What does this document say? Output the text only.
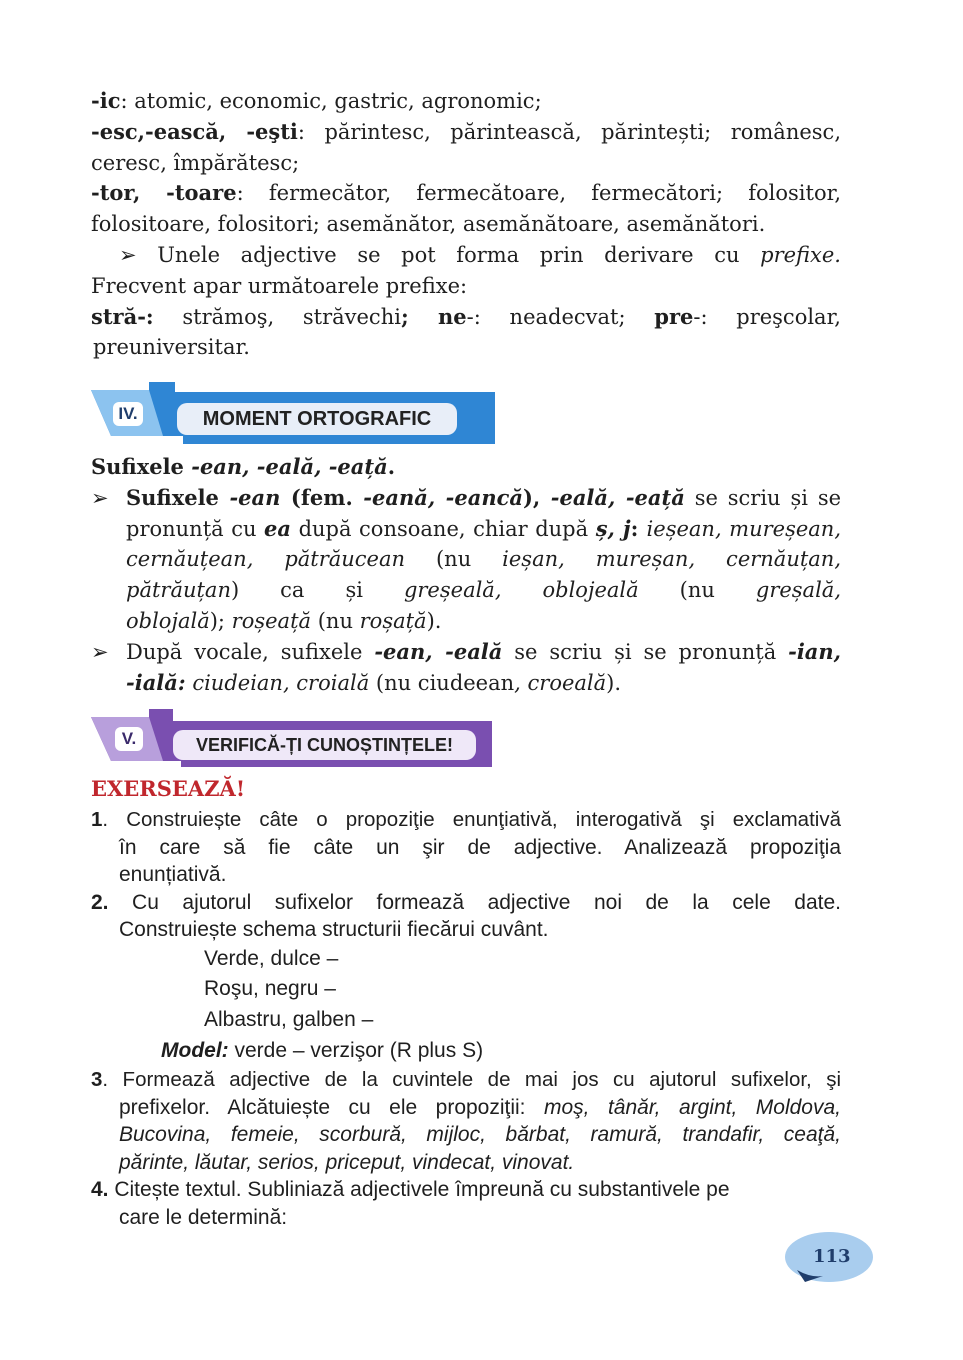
-ic: atomic, economic, gastric, agronomic;
-esc,-ească, -eşti: părintesc, părintească, părintești; românesc,
ceresc, împărătesc;
-tor, -toare: fermecător, fermecătoare, fermecători; folositor,
folositoare, folositori; asemănător, asemănătoare, asemănători.
➢ Unele adjective se pot forma prin derivare cu prefixe.
Frecvent apar următoarele prefixe:
stră-: strămoş, străvechi; ne-: neadecvat; pre-: preşcolar,
preuniversitar.
IV.	MOMENT ORTOGRAFIC
Sufixele -ean, -eală, -eață.
➢ Sufixele -ean (fem. -eană, -eancă), -eală, -eață se scriu și se
pronunță cu ea după consoane, chiar după ș, j: ieșean, mureșean,
cernăuțean, pătrăucean (nu ieșan, mureșan, cernăuțan,
pătrăuțan) ca și greșeală, oblojeală (nu greșală,
oblojală); roșeață (nu roșață).
➢ După vocale, sufixele -ean, -eală se scriu și se pronunță -ian,
-ială: ciudeian, croială (nu ciudeean, croeală).
V.	VERIFICĂ-ȚI CUNOȘTINȚELE!
EXERSEAZĂ!
1. Construiește câte o propoziţie enunţiativă, interogativă şi exclamativă
în care să fie câte un şir de adjective. Analizează propoziţia
enunțiativă.
2. Cu ajutorul sufixelor formează adjective noi de la cele date.
Construiește schema structurii fiecărui cuvânt.
Verde, dulce –
Roşu, negru –
Albastru, galben –
Model: verde – verzişor (R plus S)
3. Formează adjective de la cuvintele de mai jos cu ajutorul sufixelor, şi
prefixelor. Alcătuiește cu ele propoziţii: moş, tânăr, argint, Moldova,
Bucovina, femeie, scorbură, mijloc, bărbat, ramură, trandafir, ceaţă,
părinte, lăutar, serios, priceput, vindecat, vinovat.
4. Citește textul. Subliniază adjectivele împreună cu substantivele pe
care le determină:
113
